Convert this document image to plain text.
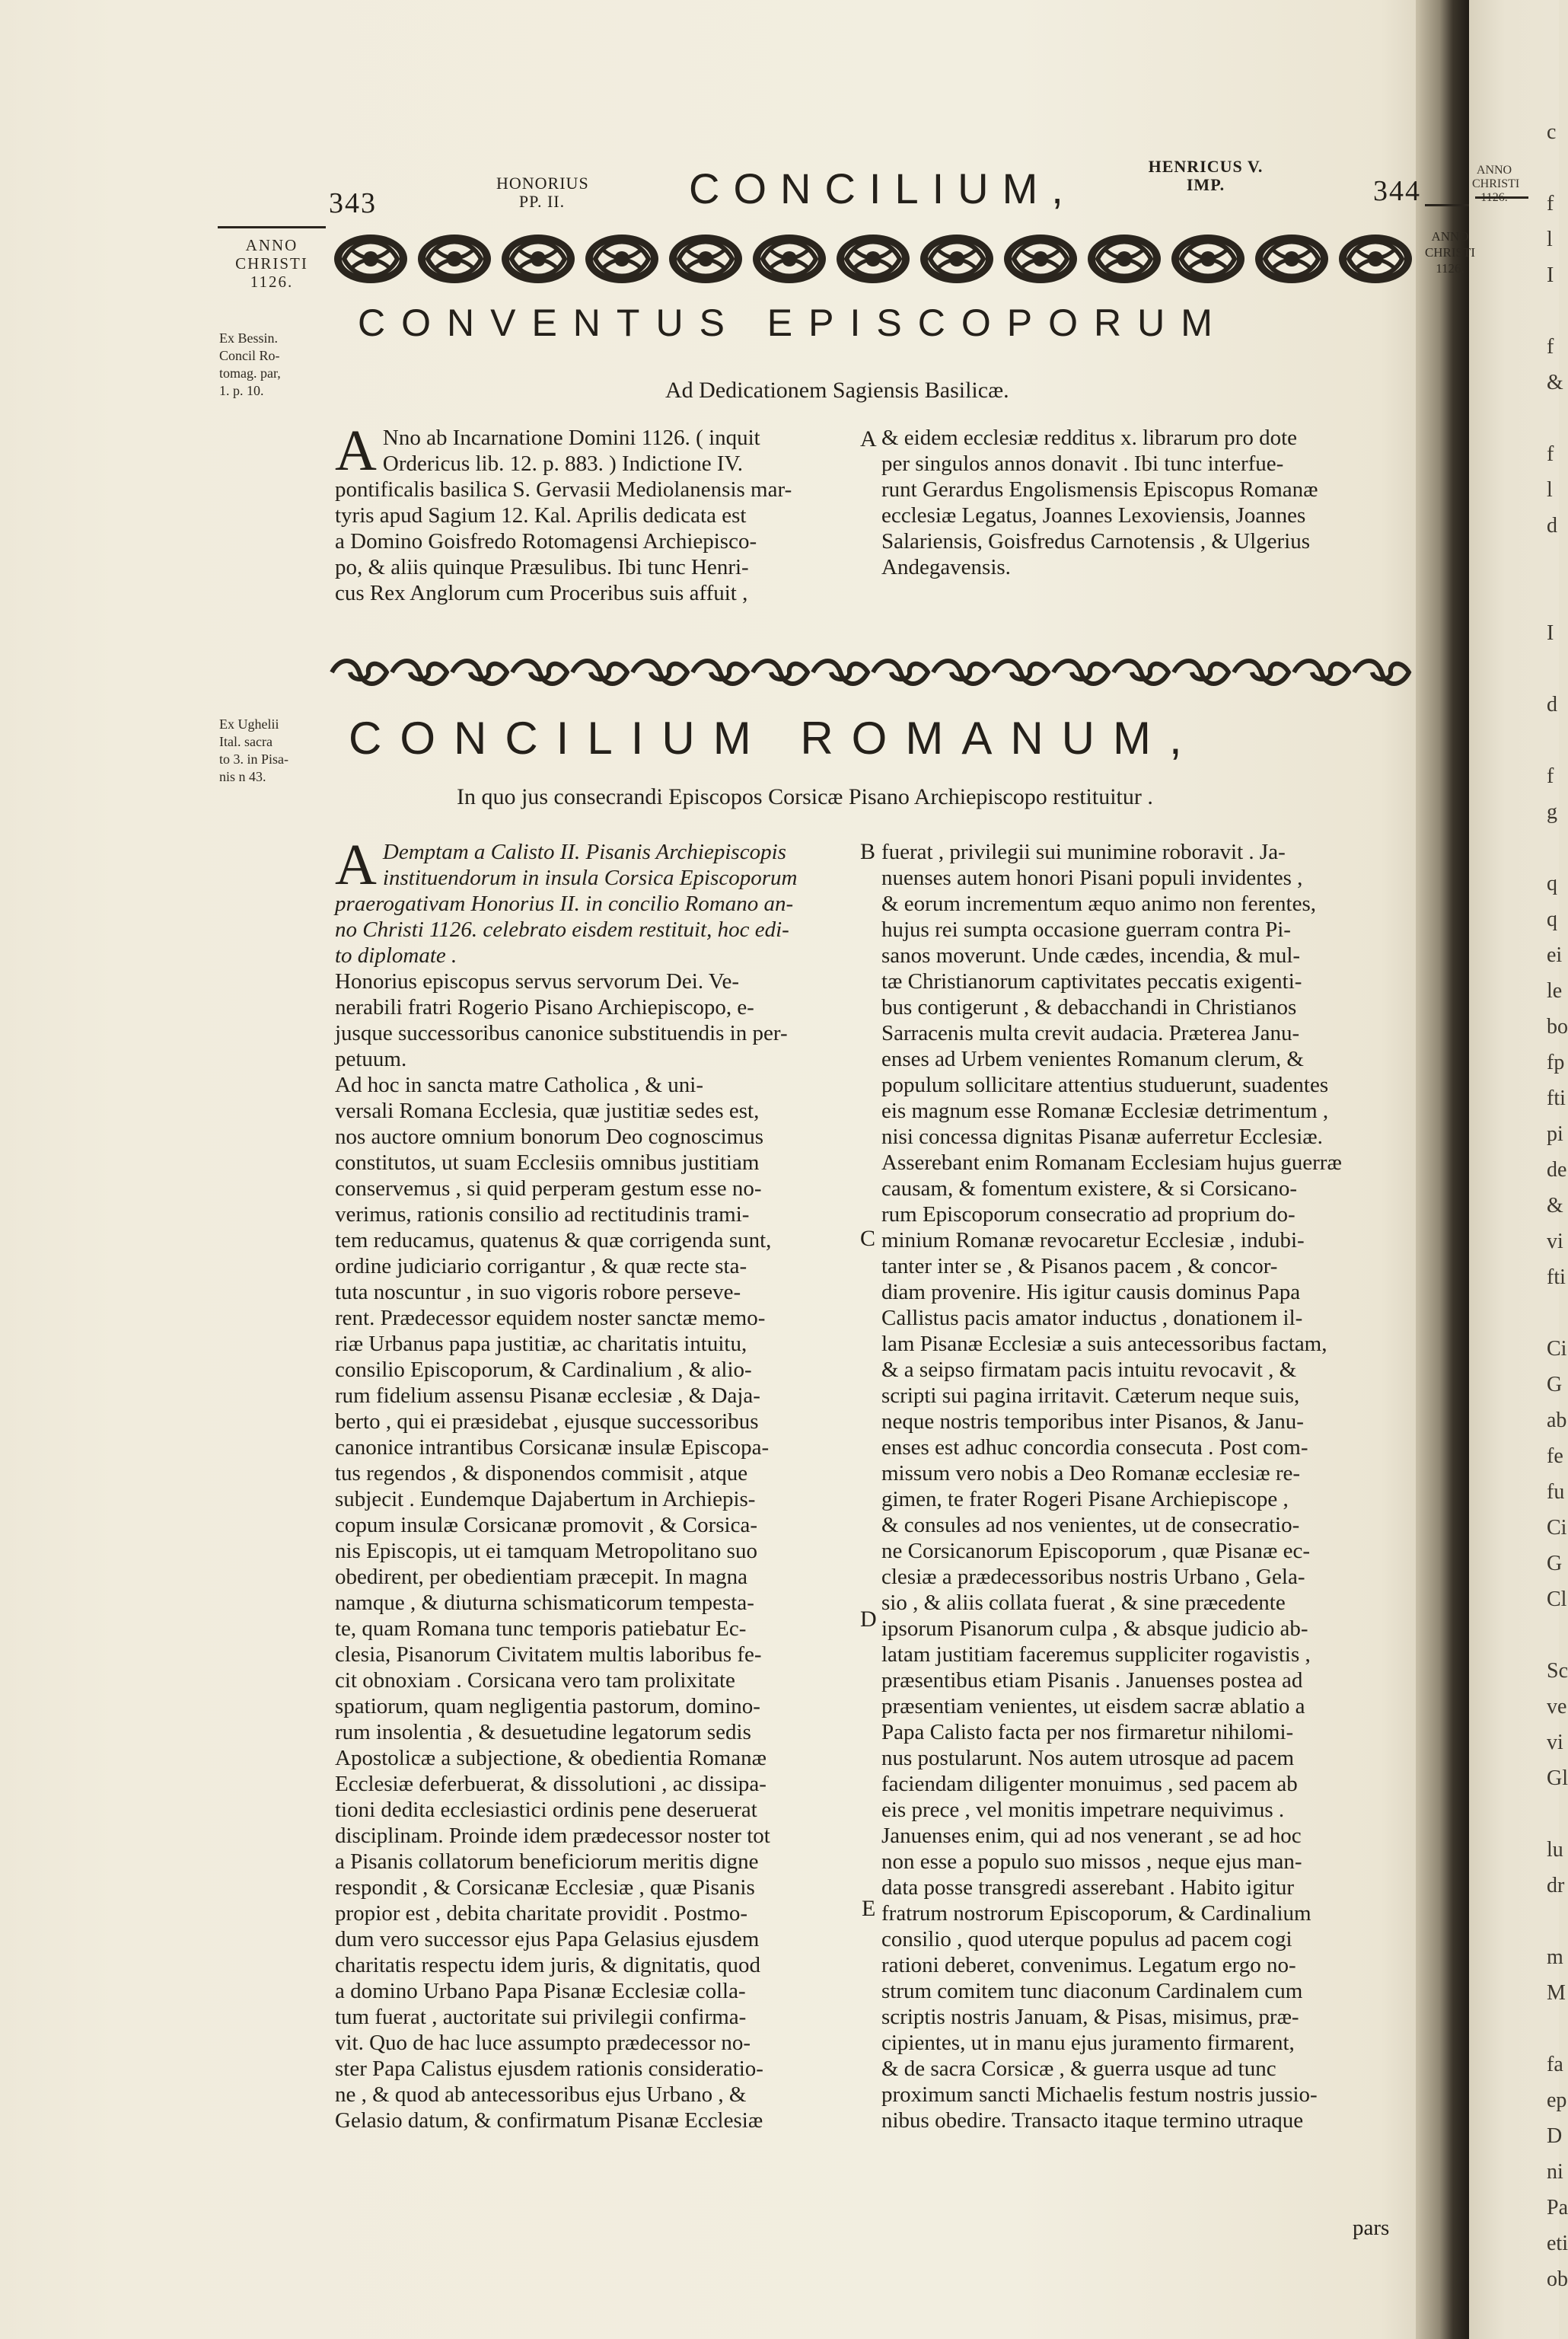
ANNO
CHRISTI

c
f
l
I
f
&
f
l
d
I
d
f
g
q
q
ei
le
bo
fp
fti
pi
de
&
vi
fti
Ci
G
ab
fe
fu
Ci
G
Cl
Sc
ve
vi
Gl
lu
dr
m
M
fa
ep
D
ni
Pa
eti
ob
343
HONORIUS
PP. II.	CONCILIUM,	HENRICUS V.
IMP.	344
ANNO
CHRISTI
1126.
Ex Bessin.
Concil Ro-
tomag. par,
1. p. 10.
ANNO
CHRISTI
1126.
Ex Ughelii
Ital. sacra
to 3. in Pisa-
nis n 43.
CONVENTUS EPISCOPORUM
Ad Dedicationem Sagiensis Basilicæ.
A Nno ab Incarnatione Domini 1126. ( inquit
Ordericus lib. 12. p. 883. ) Indictione IV.
pontificalis basilica S. Gervasii Mediolanensis mar-
tyris apud Sagium 12. Kal. Aprilis dedicata est
a Domino Goisfredo Rotomagensi Archiepisco-
po, & aliis quinque Præsulibus. Ibi tunc Henri-
cus Rex Anglorum cum Proceribus suis affuit ,

A & eidem ecclesiæ redditus x. librarum pro dote
per singulos annos donavit . Ibi tunc interfue-
runt Gerardus Engolismensis Episcopus Romanæ
ecclesiæ Legatus, Joannes Lexoviensis, Joannes
Salariensis, Goisfredus Carnotensis , & Ulgerius
Andegavensis.

CONCILIUM ROMANUM,
In quo jus consecrandi Episcopos Corsicæ Pisano Archiepiscopo restituitur .
A Demptam a Calisto II. Pisanis Archiepiscopis
instituendorum in insula Corsica Episcoporum
praerogativam Honorius II. in concilio Romano an-
no Christi 1126. celebrato eisdem restituit, hoc edi-
to diplomate .

Honorius episcopus servus servorum Dei. Ve-
nerabili fratri Rogerio Pisano Archiepiscopo, e-
jusque successoribus canonice substituendis in per-
petuum.
Ad hoc in sancta matre Catholica , & uni-
versali Romana Ecclesia, quæ justitiæ sedes est,
nos auctore omnium bonorum Deo cognoscimus
constitutos, ut suam Ecclesiis omnibus justitiam
conservemus , si quid perperam gestum esse no-
verimus, rationis consilio ad rectitudinis trami-
tem reducamus, quatenus & quæ corrigenda sunt,
ordine judiciario corrigantur , & quæ recte sta-
tuta noscuntur , in suo vigoris robore perseve-
rent. Prædecessor equidem noster sanctæ memo-
riæ Urbanus papa justitiæ, ac charitatis intuitu,
consilio Episcoporum, & Cardinalium , & alio-
rum fidelium assensu Pisanæ ecclesiæ , & Daja-
berto , qui ei præsidebat , ejusque successoribus
canonice intrantibus Corsicanæ insulæ Episcopa-
tus regendos , & disponendos commisit , atque
subjecit . Eundemque Dajabertum in Archiepis-
copum insulæ Corsicanæ promovit , & Corsica-
nis Episcopis, ut ei tamquam Metropolitano suo
obedirent, per obedientiam præcepit. In magna
namque , & diuturna schismaticorum tempesta-
te, quam Romana tunc temporis patiebatur Ec-
clesia, Pisanorum Civitatem multis laboribus fe-
cit obnoxiam . Corsicana vero tam prolixitate
spatiorum, quam negligentia pastorum, domino-
rum insolentia , & desuetudine legatorum sedis
Apostolicæ a subjectione, & obedientia Romanæ
Ecclesiæ deferbuerat, & dissolutioni , ac dissipa-
tioni dedita ecclesiastici ordinis pene deseruerat
disciplinam. Proinde idem prædecessor noster tot
a Pisanis collatorum beneficiorum meritis digne
respondit , & Corsicanæ Ecclesiæ , quæ Pisanis
propior est , debita charitate providit . Postmo-
dum vero successor ejus Papa Gelasius ejusdem
charitatis respectu idem juris, & dignitatis, quod
a domino Urbano Papa Pisanæ Ecclesiæ colla-
tum fuerat , auctoritate sui privilegii confirma-
vit. Quo de hac luce assumpto prædecessor no-
ster Papa Calistus ejusdem rationis consideratio-
ne , & quod ab antecessoribus ejus Urbano , &
Gelasio datum, & confirmatum Pisanæ Ecclesiæ

B
C
D
E

fuerat , privilegii sui munimine roboravit . Ja-
nuenses autem honori Pisani populi invidentes ,
& eorum incrementum æquo animo non ferentes,
hujus rei sumpta occasione guerram contra Pi-
sanos moverunt. Unde cædes, incendia, & mul-
tæ Christianorum captivitates peccatis exigenti-
bus contigerunt , & debacchandi in Christianos
Sarracenis multa crevit audacia. Præterea Janu-
enses ad Urbem venientes Romanum clerum, &
populum sollicitare attentius studuerunt, suadentes
eis magnum esse Romanæ Ecclesiæ detrimentum ,
nisi concessa dignitas Pisanæ auferretur Ecclesiæ.
Asserebant enim Romanam Ecclesiam hujus guerræ
causam, & fomentum existere, & si Corsicano-
rum Episcoporum consecratio ad proprium do-
minium Romanæ revocaretur Ecclesiæ , indubi-
tanter inter se , & Pisanos pacem , & concor-
diam provenire. His igitur causis dominus Papa
Callistus pacis amator inductus , donationem il-
lam Pisanæ Ecclesiæ a suis antecessoribus factam,
& a seipso firmatam pacis intuitu revocavit , &
scripti sui pagina irritavit. Cæterum neque suis,
neque nostris temporibus inter Pisanos, & Janu-
enses est adhuc concordia consecuta . Post com-
missum vero nobis a Deo Romanæ ecclesiæ re-
gimen, te frater Rogeri Pisane Archiepiscope ,
& consules ad nos venientes, ut de consecratio-
ne Corsicanorum Episcoporum , quæ Pisanæ ec-
clesiæ a prædecessoribus nostris Urbano , Gela-
sio , & aliis collata fuerat , & sine præcedente
ipsorum Pisanorum culpa , & absque judicio ab-
latam justitiam faceremus suppliciter rogavistis ,
præsentibus etiam Pisanis . Januenses postea ad
præsentiam venientes, ut eisdem sacræ ablatio a
Papa Calisto facta per nos firmaretur nihilomi-
nus postularunt. Nos autem utrosque ad pacem
faciendam diligenter monuimus , sed pacem ab
eis prece , vel monitis impetrare nequivimus .
Januenses enim, qui ad nos venerant , se ad hoc
non esse a populo suo missos , neque ejus man-
data posse transgredi asserebant . Habito igitur
fratrum nostrorum Episcoporum, & Cardinalium
consilio , quod uterque populus ad pacem cogi
rationi deberet, convenimus. Legatum ergo no-
strum comitem tunc diaconum Cardinalem cum
scriptis nostris Januam, & Pisas, misimus, præ-
cipientes, ut in manu ejus juramento firmarent,
& de sacra Corsicæ , & guerra usque ad tunc
proximum sancti Michaelis festum nostris jussio-
nibus obedire. Transacto itaque termino utraque

pars
